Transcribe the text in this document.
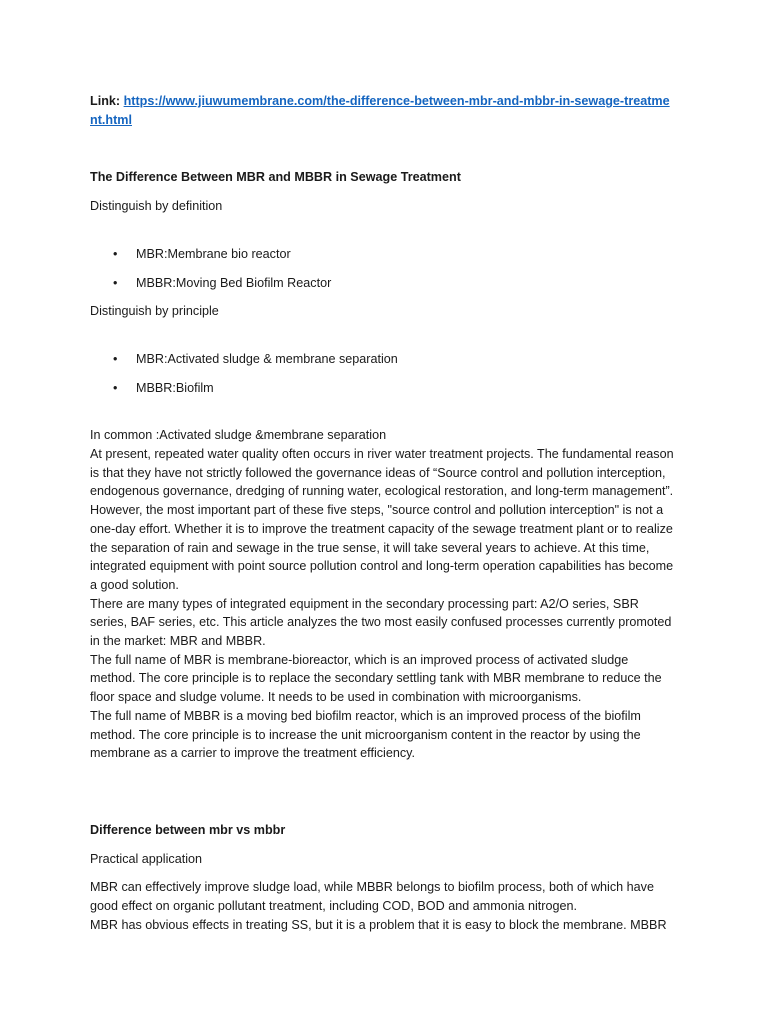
Link: https://www.jiuwumembrane.com/the-difference-between-mbr-and-mbbr-in-sewage-treatment.html

The Difference Between MBR and MBBR in Sewage Treatment

Distinguish by definition

• MBR:Membrane bio reactor
• MBBR:Moving Bed Biofilm Reactor

Distinguish by principle

• MBR:Activated sludge & membrane separation
• MBBR:Biofilm

In common :Activated sludge &membrane separation

At present, repeated water quality often occurs in river water treatment projects. The fundamental reason is that they have not strictly followed the governance ideas of “Source control and pollution interception, endogenous governance, dredging of running water, ecological restoration, and long-term management”. However, the most important part of these five steps, "source control and pollution interception" is not a one-day effort. Whether it is to improve the treatment capacity of the sewage treatment plant or to realize the separation of rain and sewage in the true sense, it will take several years to achieve. At this time, integrated equipment with point source pollution control and long-term operation capabilities has become a good solution.

There are many types of integrated equipment in the secondary processing part: A2/O series, SBR series, BAF series, etc. This article analyzes the two most easily confused processes currently promoted in the market: MBR and MBBR.

The full name of MBR is membrane-bioreactor, which is an improved process of activated sludge method. The core principle is to replace the secondary settling tank with MBR membrane to reduce the floor space and sludge volume. It needs to be used in combination with microorganisms.

The full name of MBBR is a moving bed biofilm reactor, which is an improved process of the biofilm method. The core principle is to increase the unit microorganism content in the reactor by using the membrane as a carrier to improve the treatment efficiency.

Difference between mbr vs mbbr

Practical application

MBR can effectively improve sludge load, while MBBR belongs to biofilm process, both of which have good effect on organic pollutant treatment, including COD, BOD and ammonia nitrogen.

MBR has obvious effects in treating SS, but it is a problem that it is easy to block the membrane. MBBR
